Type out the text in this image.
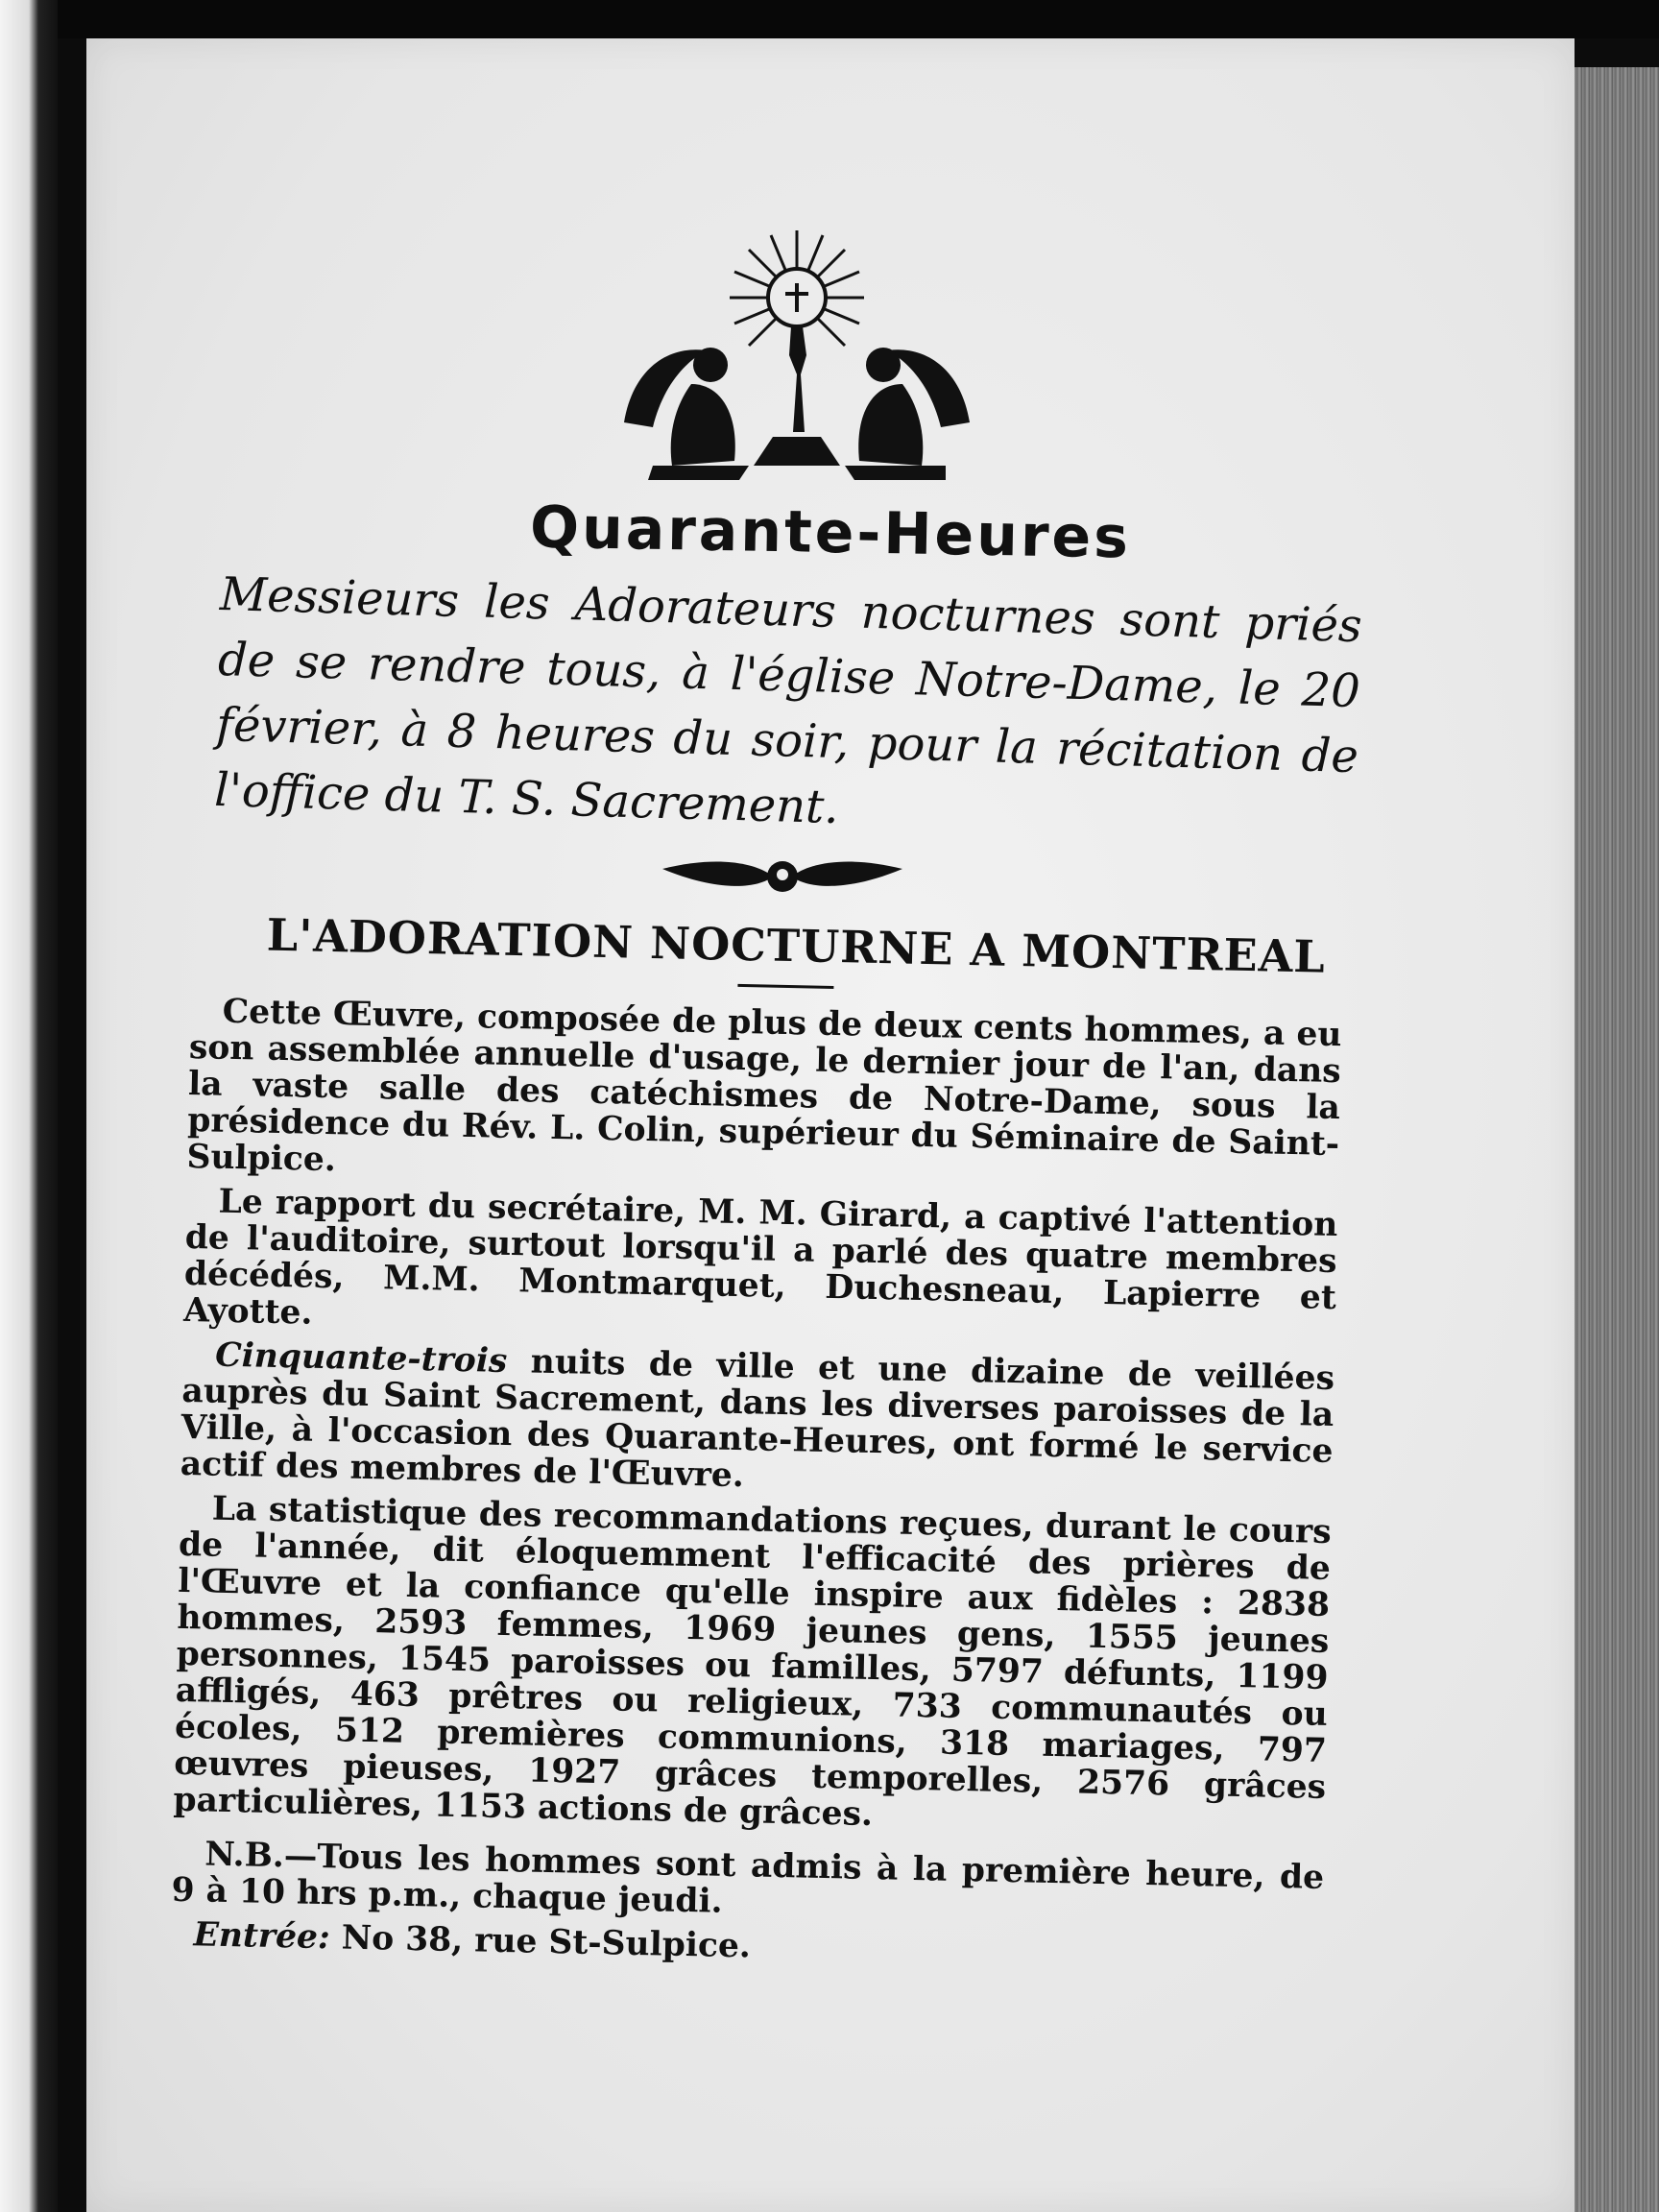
Quarante-Heures
Messieurs les Adorateurs nocturnes sont priés de se rendre tous, à l'église Notre-Dame, le 20 février, à 8 heures du soir, pour la récitation de l'office du T. S. Sacrement.
L'ADORATION NOCTURNE A MONTREAL

Cette Œuvre, composée de plus de deux cents hommes, a eu son assemblée annuelle d'usage, le dernier jour de l'an, dans la vaste salle des catéchismes de Notre-Dame, sous la présidence du Rév. L. Colin, supérieur du Séminaire de Saint-Sulpice.

Le rapport du secrétaire, M. M. Girard, a captivé l'attention de l'auditoire, surtout lorsqu'il a parlé des quatre membres décédés, M.M. Montmarquet, Duchesneau, Lapierre et Ayotte.

Cinquante-trois nuits de ville et une dizaine de veillées auprès du Saint Sacrement, dans les diverses paroisses de la Ville, à l'occasion des Quarante-Heures, ont formé le service actif des membres de l'Œuvre.

La statistique des recommandations reçues, durant le cours de l'année, dit éloquemment l'efficacité des prières de l'Œuvre et la confiance qu'elle inspire aux fidèles : 2838 hommes, 2593 femmes, 1969 jeunes gens, 1555 jeunes personnes, 1545 paroisses ou familles, 5797 défunts, 1199 affligés, 463 prêtres ou religieux, 733 communautés ou écoles, 512 premières communions, 318 mariages, 797 œuvres pieuses, 1927 grâces temporelles, 2576 grâces particulières, 1153 actions de grâces.

N.B.—Tous les hommes sont admis à la première heure, de 9 à 10 hrs p.m., chaque jeudi.

Entrée: No 38, rue St-Sulpice.
